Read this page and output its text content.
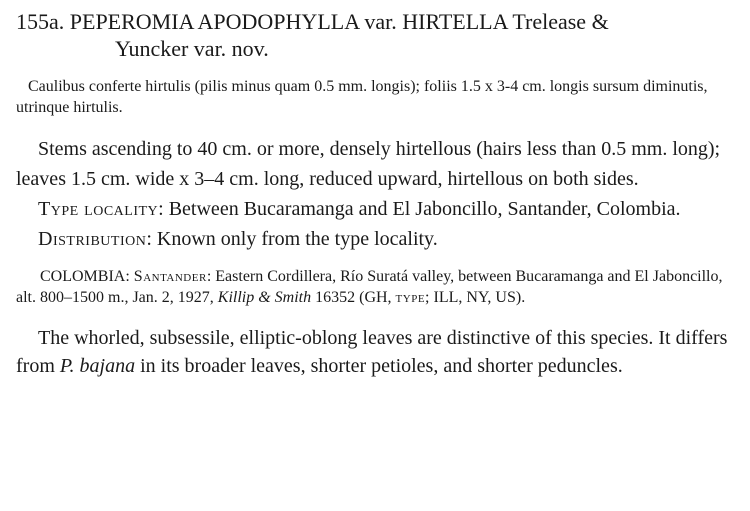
155a. PEPEROMIA APODOPHYLLA var. HIRTELLA Trelease &
Yuncker var. nov.

Caulibus conferte hirtulis (pilis minus quam 0.5 mm. longis); foliis 1.5 x 3-4 cm. longis sursum diminutis, utrinque hirtulis.

Stems ascending to 40 cm. or more, densely hirtellous (hairs less than 0.5 mm. long); leaves 1.5 cm. wide x 3–4 cm. long, reduced upward, hirtellous on both sides.

Type locality: Between Bucaramanga and El Jaboncillo, Santander, Colombia.

Distribution: Known only from the type locality.

COLOMBIA: Santander: Eastern Cordillera, Río Suratá valley, between Bucaramanga and El Jaboncillo, alt. 800–1500 m., Jan. 2, 1927, Killip & Smith 16352 (GH, type; ILL, NY, US).

The whorled, subsessile, elliptic-oblong leaves are distinctive of this species. It differs from P. bajana in its broader leaves, shorter petioles, and shorter peduncles.
